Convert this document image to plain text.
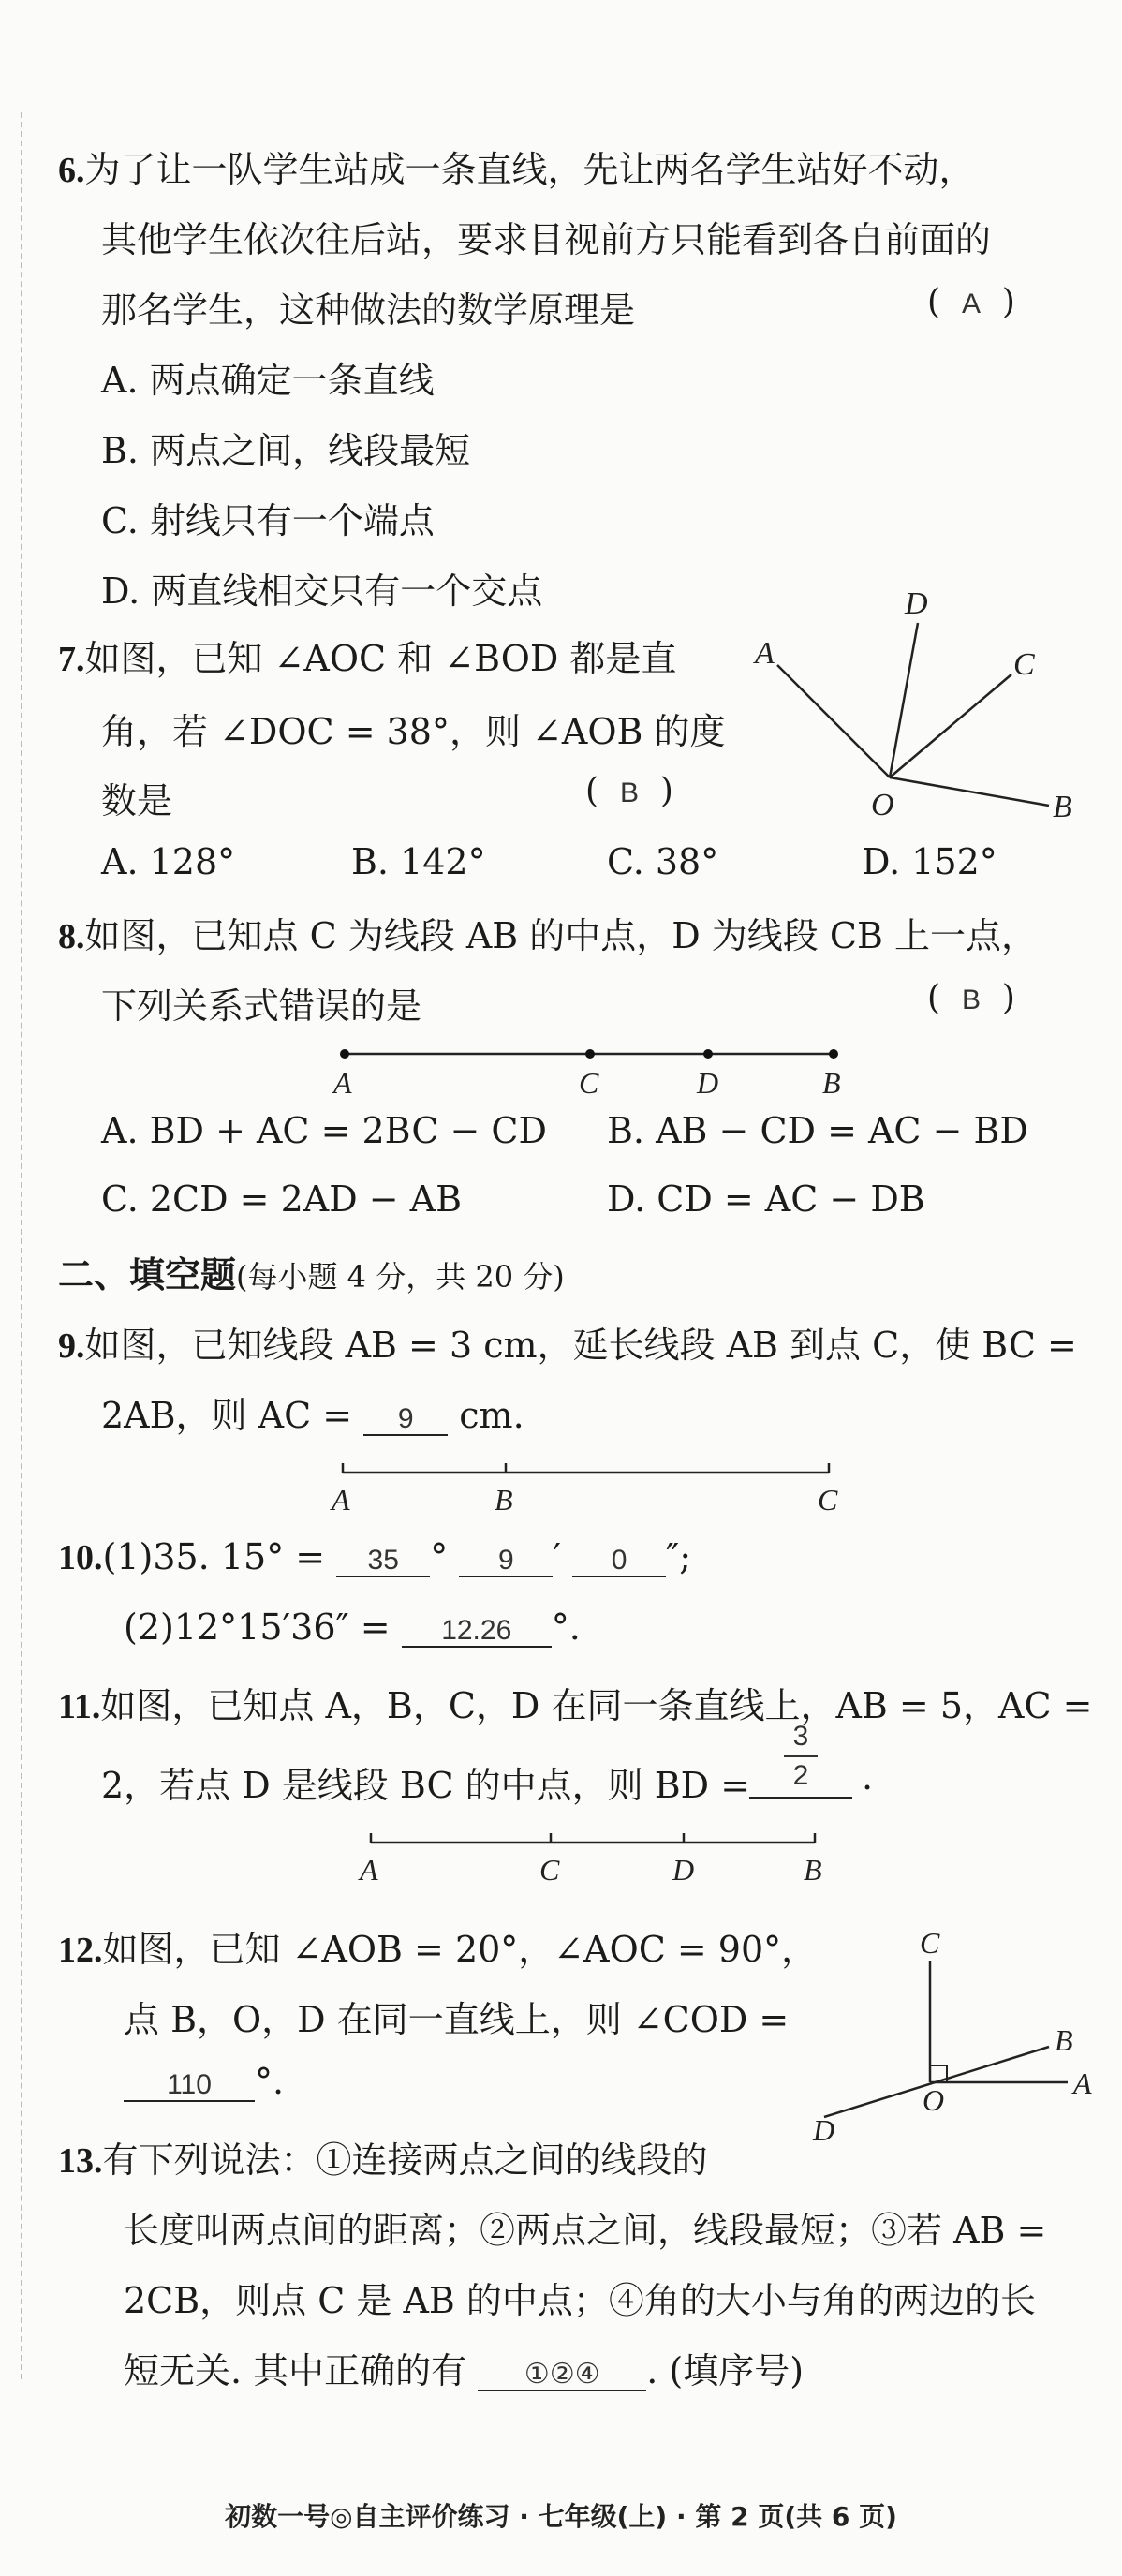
6.为了让一队学生站成一条直线，先让两名学生站好不动，
其他学生依次往后站，要求目视前方只能看到各自前面的
那名学生，这种做法的数学原理是	(  A  )
A. 两点确定一条直线
B. 两点之间，线段最短
C. 射线只有一个端点
D. 两直线相交只有一个交点
7.如图，已知 ∠AOC 和 ∠BOD 都是直
角，若 ∠DOC = 38°，则 ∠AOB 的度
数是	(  B  )
A. 128°	B. 142°	C. 38°	D. 152°
A
D
C
O	B
8.如图，已知点 C 为线段 AB 的中点，D 为线段 CB 上一点，
下列关系式错误的是	(  B  )
A	C	D	B
A. BD + AC = 2BC − CD B. AB − CD = AC − BD
C. 2CD = 2AD − AB	D. CD = AC − DB
二、填空题(每小题 4 分，共 20 分)
9.如图，已知线段 AB = 3 cm，延长线段 AB 到点 C，使 BC =
2AB，则 AC = 9 cm.
A	B	C
10.(1)35. 15° = 35 ° 9 ′ 0 ″;
(2)12°15′36″ = 12.26 °.
11.如图，已知点 A，B，C，D 在同一条直线上，AB = 5，AC =
2，若点 D 是线段 BC 的中点，则 BD =
3
2	.
A	C	D	B
12.如图，已知 ∠AOB = 20°，∠AOC = 90°，
点 B，O，D 在同一直线上，则 ∠COD =
110 °.
C
B
O	A
D
13.有下列说法：①连接两点之间的线段的
长度叫两点间的距离；②两点之间，线段最短；③若 AB =
2CB，则点 C 是 AB 的中点；④角的大小与角的两边的长
短无关. 其中正确的有 ①②④ . (填序号)
初数一号◎自主评价练习 · 七年级(上) · 第 2 页(共 6 页)
